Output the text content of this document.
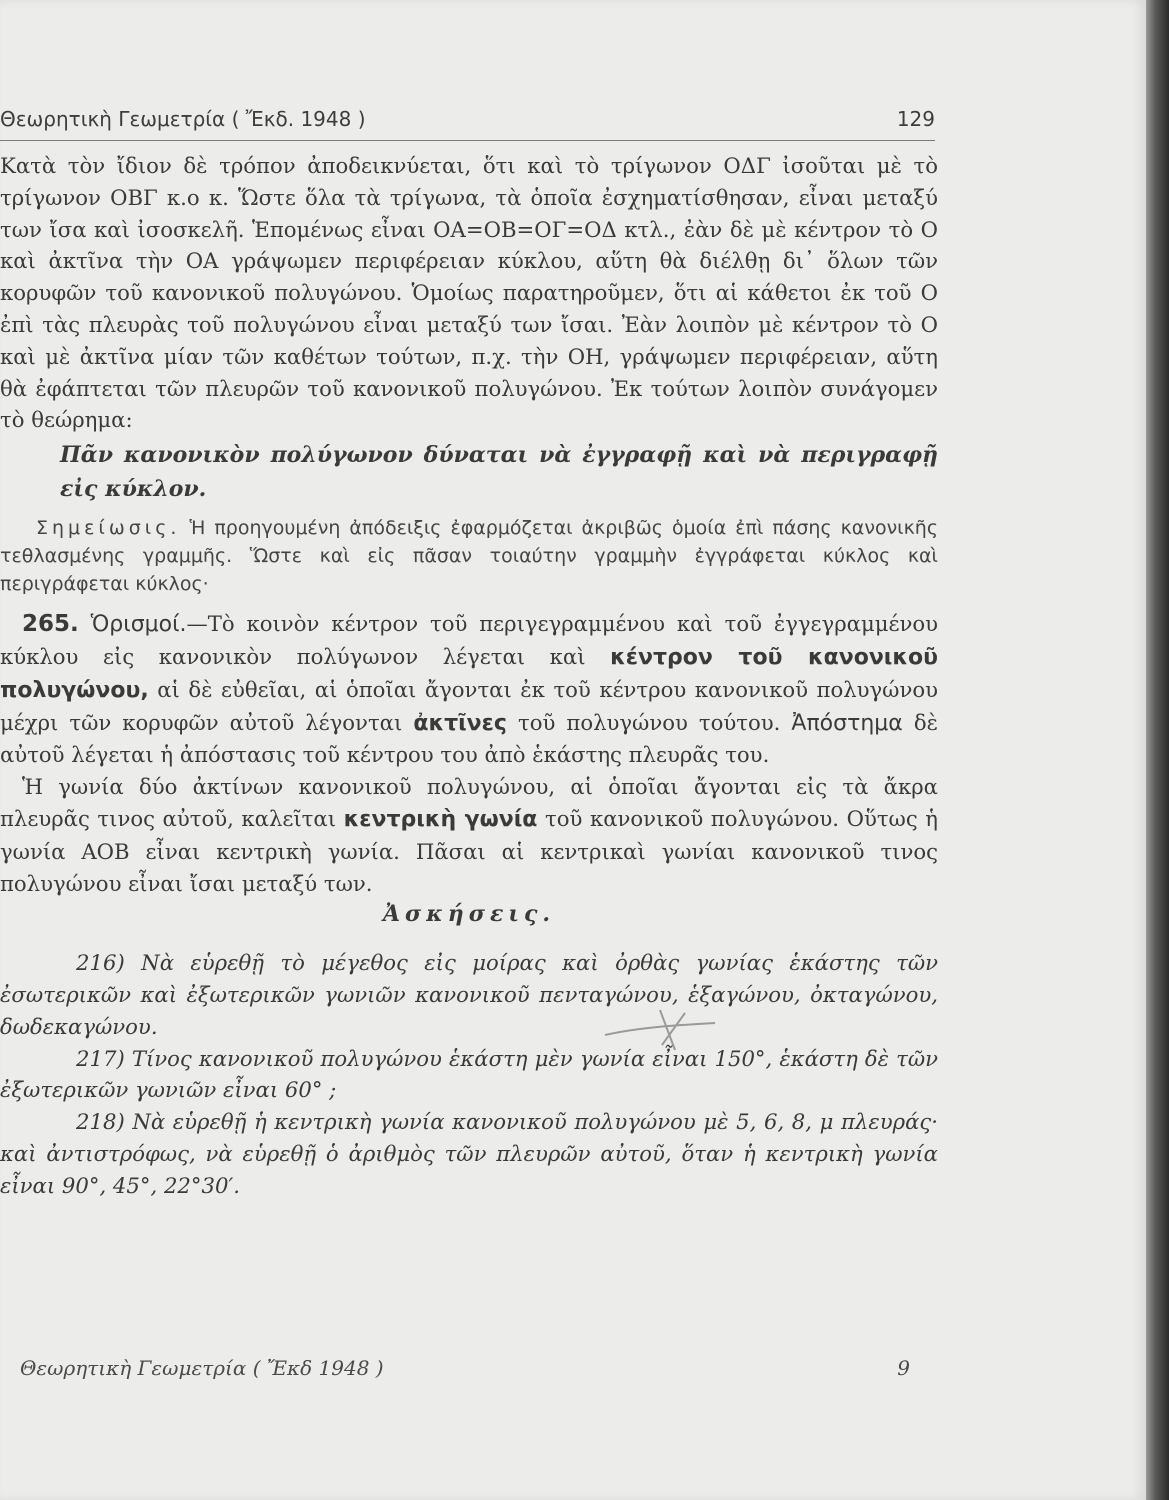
Θεωρητικὴ Γεωμετρία ( Ἔκδ. 1948 )	129

Κατὰ τὸν ἴδιον δὲ τρόπον ἀποδεικνύεται, ὅτι καὶ τὸ τρίγωνον ΟΔΓ ἰσοῦται μὲ τὸ τρίγωνον ΟΒΓ κ.ο κ. Ὥστε ὅλα τὰ τρίγωνα, τὰ ὁποῖα ἐσχηματίσθησαν, εἶναι μεταξύ των ἴσα καὶ ἰσοσκελῆ. Ἑπομένως εἶναι ΟΑ=ΟΒ=ΟΓ=ΟΔ κτλ., ἐὰν δὲ μὲ κέντρον τὸ Ο καὶ ἀκτῖνα τὴν ΟΑ γράψωμεν περιφέρειαν κύκλου, αὕτη θὰ διέλθῃ δι᾿ ὅλων τῶν κορυφῶν τοῦ κανονικοῦ πολυγώνου. Ὁμοίως παρατηροῦμεν, ὅτι αἱ κάθετοι ἐκ τοῦ Ο ἐπὶ τὰς πλευρὰς τοῦ πολυγώνου εἶναι μεταξύ των ἴσαι. Ἐὰν λοιπὸν μὲ κέντρον τὸ Ο καὶ μὲ ἀκτῖνα μίαν τῶν καθέτων τούτων, π.χ. τὴν ΟΗ, γράψωμεν περιφέρειαν, αὕτη θὰ ἐφάπτεται τῶν πλευρῶν τοῦ κανονικοῦ πολυγώνου. Ἐκ τούτων λοιπὸν συνάγομεν τὸ θεώρημα:

Πᾶν κανονικὸν πολύγωνον δύναται νὰ ἐγγραφῇ καὶ νὰ περιγραφῇ εἰς κύκλον.

Σημείωσις. Ἡ προηγουμένη ἀπόδειξις ἐφαρμόζεται ἀκριβῶς ὁμοία ἐπὶ πάσης κανονικῆς τεθλασμένης γραμμῆς. Ὥστε καὶ εἰς πᾶσαν τοιαύτην γραμμὴν ἐγγράφεται κύκλος καὶ περιγράφεται κύκλος·

265. Ὁρισμοί.—Τὸ κοινὸν κέντρον τοῦ περιγεγραμμένου καὶ τοῦ ἐγγεγραμμένου κύκλου εἰς κανονικὸν πολύγωνον λέγεται καὶ κέντρον τοῦ κανονικοῦ πολυγώνου, αἱ δὲ εὐθεῖαι, αἱ ὁποῖαι ἄγονται ἐκ τοῦ κέντρου κανονικοῦ πολυγώνου μέχρι τῶν κορυφῶν αὐτοῦ λέγονται ἀκτῖνες τοῦ πολυγώνου τούτου. Ἀπόστημα δὲ αὐτοῦ λέγεται ἡ ἀπόστασις τοῦ κέντρου του ἀπὸ ἑκάστης πλευρᾶς του.

Ἡ γωνία δύο ἀκτίνων κανονικοῦ πολυγώνου, αἱ ὁποῖαι ἄγονται εἰς τὰ ἄκρα πλευρᾶς τινος αὐτοῦ, καλεῖται κεντρικὴ γωνία τοῦ κανονικοῦ πολυγώνου. Οὕτως ἡ γωνία ΑΟΒ εἶναι κεντρικὴ γωνία. Πᾶσαι αἱ κεντρικαὶ γωνίαι κανονικοῦ τινος πολυγώνου εἶναι ἴσαι μεταξύ των.

Ἀσκήσεις.

216) Νὰ εὑρεθῇ τὸ μέγεθος εἰς μοίρας καὶ ὀρθὰς γωνίας ἑκάστης τῶν ἐσωτερικῶν καὶ ἐξωτερικῶν γωνιῶν κανονικοῦ πενταγώνου, ἑξαγώνου, ὀκταγώνου, δωδεκαγώνου.

217) Τίνος κανονικοῦ πολυγώνου ἑκάστη μὲν γωνία εἶναι 150°, ἑκάστη δὲ τῶν ἐξωτερικῶν γωνιῶν εἶναι 60° ;

218) Νὰ εὑρεθῇ ἡ κεντρικὴ γωνία κανονικοῦ πολυγώνου μὲ 5, 6, 8, μ πλευράς· καὶ ἀντιστρόφως, νὰ εὑρεθῇ ὁ ἀριθμὸς τῶν πλευρῶν αὐτοῦ, ὅταν ἡ κεντρικὴ γωνία εἶναι 90°, 45°, 22°30′.

Θεωρητικὴ Γεωμετρία ( Ἔκδ 1948 )	9
